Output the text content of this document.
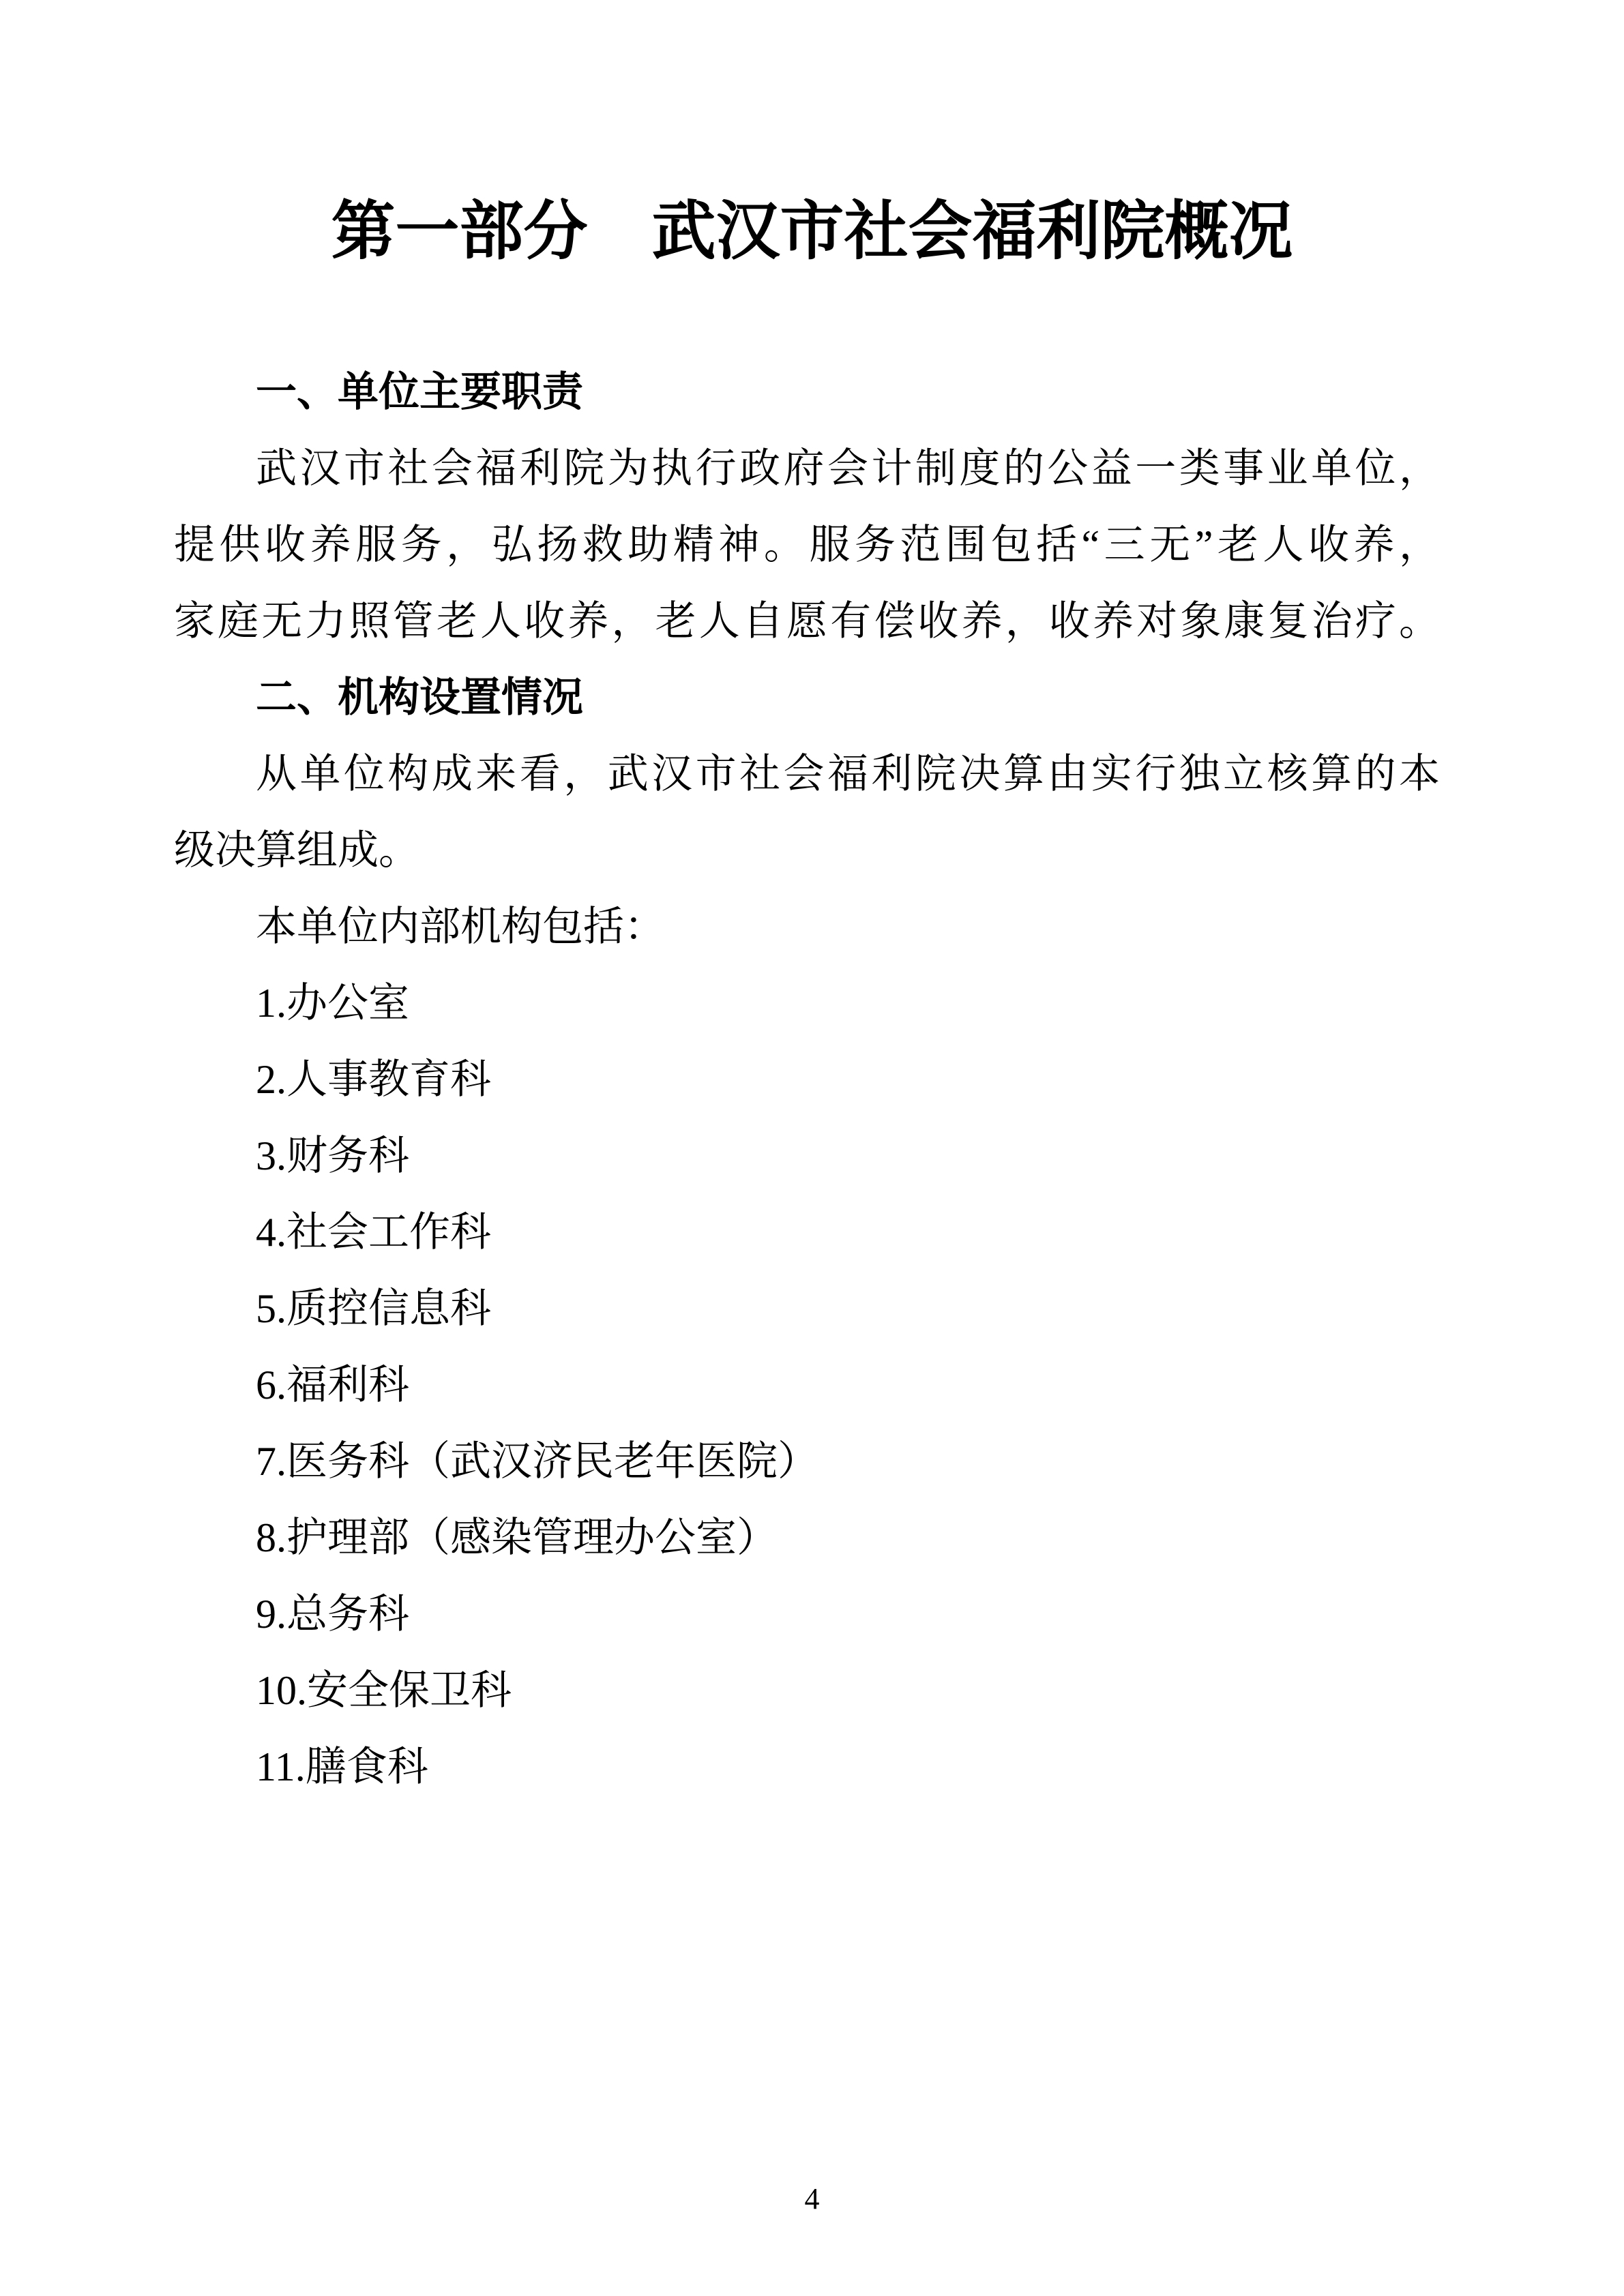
第一部分　武汉市社会福利院概况
一、单位主要职责
武汉市社会福利院为执行政府会计制度的公益一类事业单位，
提供收养服务，弘扬救助精神。服务范围包括“三无”老人收养，
家庭无力照管老人收养，老人自愿有偿收养，收养对象康复治疗。
二、机构设置情况
从单位构成来看，武汉市社会福利院决算由实行独立核算的本
级决算组成。
本单位内部机构包括：
1.办公室
2.人事教育科
3.财务科
4.社会工作科
5.质控信息科
6.福利科
7.医务科（武汉济民老年医院）
8.护理部（感染管理办公室）
9.总务科
10.安全保卫科
11.膳食科
4
